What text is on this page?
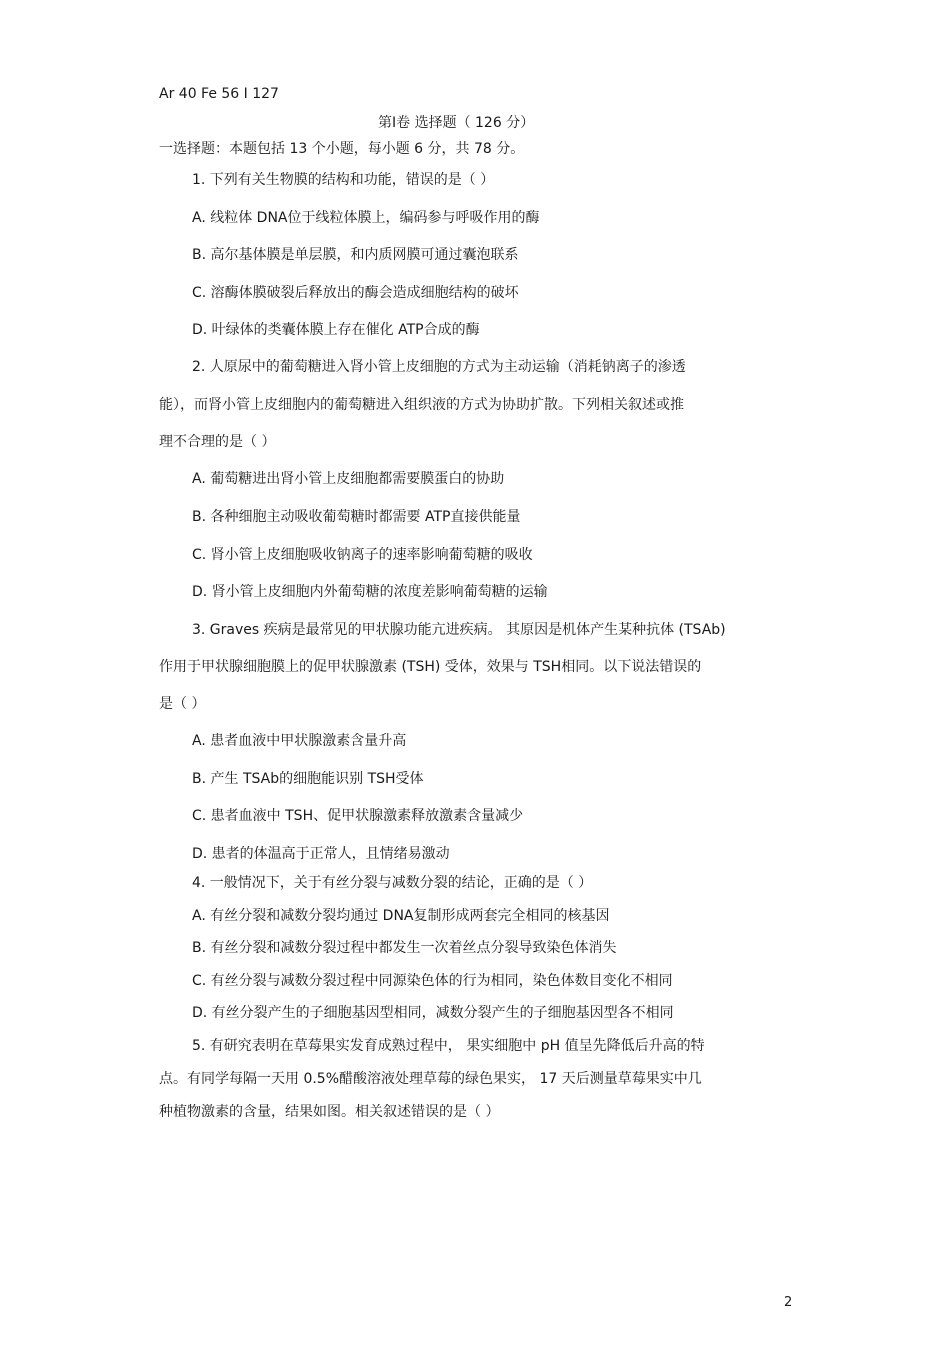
Ar 40 Fe 56 I 127
第Ⅰ卷 选择题（ 126 分）
一选择题：本题包括 13 个小题，每小题 6 分，共 78 分。
1. 下列有关生物膜的结构和功能，错误的是（ ）
A. 线粒体 DNA位于线粒体膜上，编码参与呼吸作用的酶
B. 高尔基体膜是单层膜，和内质网膜可通过囊泡联系
C. 溶酶体膜破裂后释放出的酶会造成细胞结构的破坏
D. 叶绿体的类囊体膜上存在催化 ATP合成的酶
2. 人原尿中的葡萄糖进入肾小管上皮细胞的方式为主动运输（消耗钠离子的渗透
能），而肾小管上皮细胞内的葡萄糖进入组织液的方式为协助扩散。下列相关叙述或推
理不合理的是（ ）
A. 葡萄糖进出肾小管上皮细胞都需要膜蛋白的协助
B. 各种细胞主动吸收葡萄糖时都需要 ATP直接供能量
C. 肾小管上皮细胞吸收钠离子的速率影响葡萄糖的吸收
D. 肾小管上皮细胞内外葡萄糖的浓度差影响葡萄糖的运输
3. Graves 疾病是最常见的甲状腺功能亢进疾病。 其原因是机体产生某种抗体 (TSAb)
作用于甲状腺细胞膜上的促甲状腺激素 (TSH) 受体，效果与 TSH相同。以下说法错误的
是（ ）
A. 患者血液中甲状腺激素含量升高
B. 产生 TSAb的细胞能识别 TSH受体
C. 患者血液中 TSH、促甲状腺激素释放激素含量减少
D. 患者的体温高于正常人，且情绪易激动
4. 一般情况下，关于有丝分裂与减数分裂的结论，正确的是（ ）
A. 有丝分裂和减数分裂均通过 DNA复制形成两套完全相同的核基因
B. 有丝分裂和减数分裂过程中都发生一次着丝点分裂导致染色体消失
C. 有丝分裂与减数分裂过程中同源染色体的行为相同，染色体数目变化不相同
D. 有丝分裂产生的子细胞基因型相同，减数分裂产生的子细胞基因型各不相同
5. 有研究表明在草莓果实发育成熟过程中， 果实细胞中 pH 值呈先降低后升高的特
点。有同学每隔一天用 0.5%醋酸溶液处理草莓的绿色果实， 17 天后测量草莓果实中几
种植物激素的含量，结果如图。相关叙述错误的是（ ）
2
